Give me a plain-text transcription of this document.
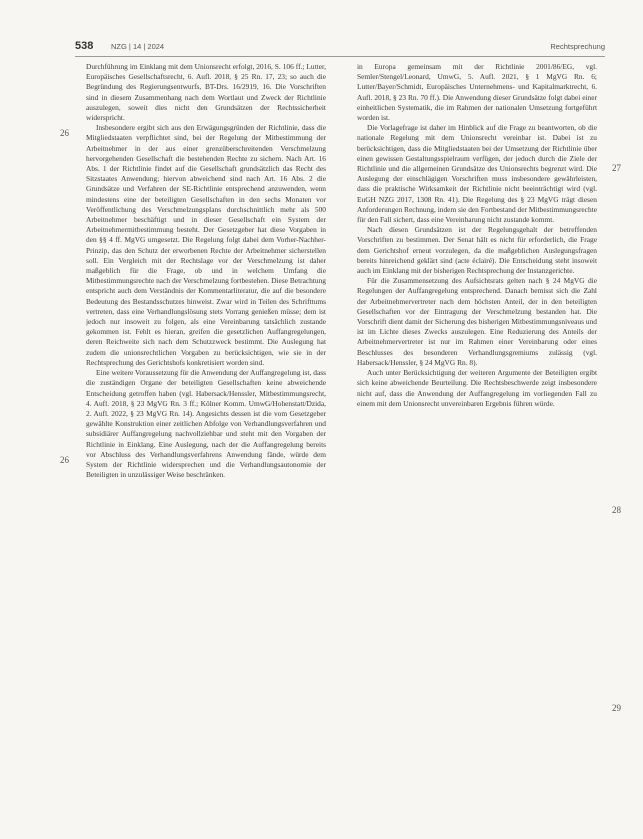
538 NZG | 14 | 2024	Rechtsprechung
26
26
27
28
29

Durchführung im Einklang mit dem Unionsrecht erfolgt, 2016, S. 106 ff.; Lutter, Europäisches Gesellschaftsrecht, 6. Aufl. 2018, § 25 Rn. 17, 23; so auch die Begründung des Regierungsentwurfs, BT-Drs. 16/2919, 16. Die Vorschriften sind in diesem Zusammenhang nach dem Wortlaut und Zweck der Richtlinie auszulegen, soweit dies nicht den Grundsätzen der Rechtssicherheit widerspricht.

Insbesondere ergibt sich aus den Erwägungsgründen der Richtlinie, dass die Mitgliedstaaten verpflichtet sind, bei der Regelung der Mitbestimmung der Arbeitnehmer in der aus einer grenzüberschreitenden Verschmelzung hervorgehenden Gesellschaft die bestehenden Rechte zu sichern. Nach Art. 16 Abs. 1 der Richtlinie findet auf die Gesellschaft grundsätzlich das Recht des Sitzstaates Anwendung; hiervon abweichend sind nach Art. 16 Abs. 2 die Grundsätze und Verfahren der SE-Richtlinie entsprechend anzuwenden, wenn mindestens eine der beteiligten Gesellschaften in den sechs Monaten vor Veröffentlichung des Verschmelzungsplans durchschnittlich mehr als 500 Arbeitnehmer beschäftigt und in dieser Gesellschaft ein System der Arbeitnehmermitbestimmung besteht. Der Gesetzgeber hat diese Vorgaben in den §§ 4 ff. MgVG umgesetzt. Die Regelung folgt dabei dem Vorher-Nachher-Prinzip, das den Schutz der erworbenen Rechte der Arbeitnehmer sicherstellen soll. Ein Vergleich mit der Rechtslage vor der Verschmelzung ist daher maßgeblich für die Frage, ob und in welchem Umfang die Mitbestimmungsrechte nach der Verschmelzung fortbestehen. Diese Betrachtung entspricht auch dem Verständnis der Kommentarliteratur, die auf die besondere Bedeutung des Bestandsschutzes hinweist. Zwar wird in Teilen des Schrifttums vertreten, dass eine Verhandlungslösung stets Vorrang genießen müsse; dem ist jedoch nur insoweit zu folgen, als eine Vereinbarung tatsächlich zustande gekommen ist. Fehlt es hieran, greifen die gesetzlichen Auffangregelungen, deren Reichweite sich nach dem Schutzzweck bestimmt. Die Auslegung hat zudem die unionsrechtlichen Vorgaben zu berücksichtigen, wie sie in der Rechtsprechung des Gerichtshofs konkretisiert worden sind.

Eine weitere Voraussetzung für die Anwendung der Auffangregelung ist, dass die zuständigen Organe der beteiligten Gesellschaften keine abweichende Entscheidung getroffen haben (vgl. Habersack/Henssler, Mitbestimmungsrecht, 4. Aufl. 2018, § 23 MgVG Rn. 3 ff.; Kölner Komm. UmwG/Hohenstatt/Dzida, 2. Aufl. 2022, § 23 MgVG Rn. 14). Angesichts dessen ist die vom Gesetzgeber gewählte Konstruktion einer zeitlichen Abfolge von Verhandlungsverfahren und subsidiärer Auffangregelung nachvollziehbar und steht mit den Vorgaben der Richtlinie in Einklang. Eine Auslegung, nach der die Auffangregelung bereits vor Abschluss des Verhandlungsverfahrens Anwendung fände, würde dem System der Richtlinie widersprechen und die Verhandlungsautonomie der Beteiligten in unzulässiger Weise beschränken.

in Europa gemeinsam mit der Richtlinie 2001/86/EG, vgl. Semler/Stengel/Leonard, UmwG, 5. Aufl. 2021, § 1 MgVG Rn. 6; Lutter/Bayer/Schmidt, Europäisches Unternehmens- und Kapitalmarktrecht, 6. Aufl. 2018, § 23 Rn. 70 ff.). Die Anwendung dieser Grundsätze folgt dabei einer einheitlichen Systematik, die im Rahmen der nationalen Umsetzung fortgeführt worden ist.

Die Vorlagefrage ist daher im Hinblick auf die Frage zu beantworten, ob die nationale Regelung mit dem Unionsrecht vereinbar ist. Dabei ist zu berücksichtigen, dass die Mitgliedstaaten bei der Umsetzung der Richtlinie über einen gewissen Gestaltungsspielraum verfügen, der jedoch durch die Ziele der Richtlinie und die allgemeinen Grundsätze des Unionsrechts begrenzt wird. Die Auslegung der einschlägigen Vorschriften muss insbesondere gewährleisten, dass die praktische Wirksamkeit der Richtlinie nicht beeinträchtigt wird (vgl. EuGH NZG 2017, 1308 Rn. 41). Die Regelung des § 23 MgVG trägt diesen Anforderungen Rechnung, indem sie den Fortbestand der Mitbestimmungsrechte für den Fall sichert, dass eine Vereinbarung nicht zustande kommt.

Nach diesen Grundsätzen ist der Regelungsgehalt der betreffenden Vorschriften zu bestimmen. Der Senat hält es nicht für erforderlich, die Frage dem Gerichtshof erneut vorzulegen, da die maßgeblichen Auslegungsfragen bereits hinreichend geklärt sind (acte éclairé). Die Entscheidung steht insoweit auch im Einklang mit der bisherigen Rechtsprechung der Instanzgerichte.

Für die Zusammensetzung des Aufsichtsrats gelten nach § 24 MgVG die Regelungen der Auffangregelung entsprechend. Danach bemisst sich die Zahl der Arbeitnehmervertreter nach dem höchsten Anteil, der in den beteiligten Gesellschaften vor der Eintragung der Verschmelzung bestanden hat. Die Vorschrift dient damit der Sicherung des bisherigen Mitbestimmungsniveaus und ist im Lichte dieses Zwecks auszulegen. Eine Reduzierung des Anteils der Arbeitnehmervertreter ist nur im Rahmen einer Vereinbarung oder eines Beschlusses des besonderen Verhandlungsgremiums zulässig (vgl. Habersack/Henssler, § 24 MgVG Rn. 8).

Auch unter Berücksichtigung der weiteren Argumente der Beteiligten ergibt sich keine abweichende Beurteilung. Die Rechtsbeschwerde zeigt insbesondere nicht auf, dass die Anwendung der Auffangregelung im vorliegenden Fall zu einem mit dem Unionsrecht unvereinbaren Ergebnis führen würde.
